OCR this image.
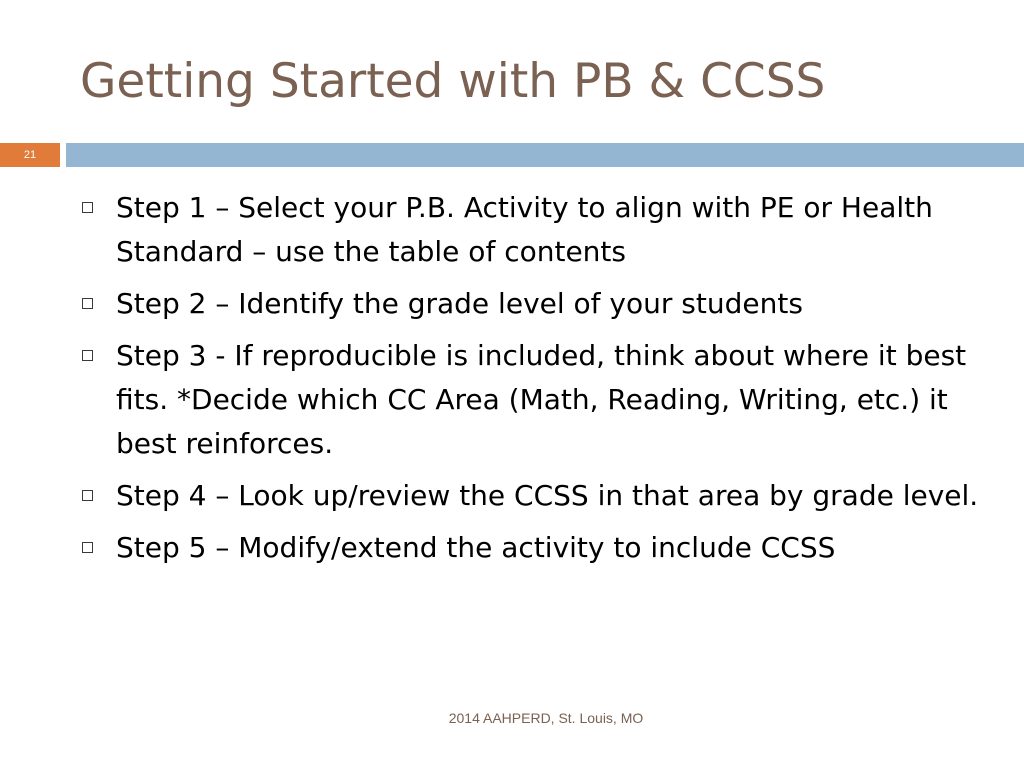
Getting Started with PB & CCSS
21
Step 1 – Select your P.B. Activity to align with PE or Health Standard – use the table of contents
Step 2 – Identify the grade level of your students
Step 3 - If reproducible is included, think about where it best fits. *Decide which CC Area (Math, Reading, Writing, etc.) it best reinforces.
Step 4 – Look up/review the CCSS in that area by grade level.
Step 5 – Modify/extend the activity to include CCSS
2014 AAHPERD, St. Louis, MO
